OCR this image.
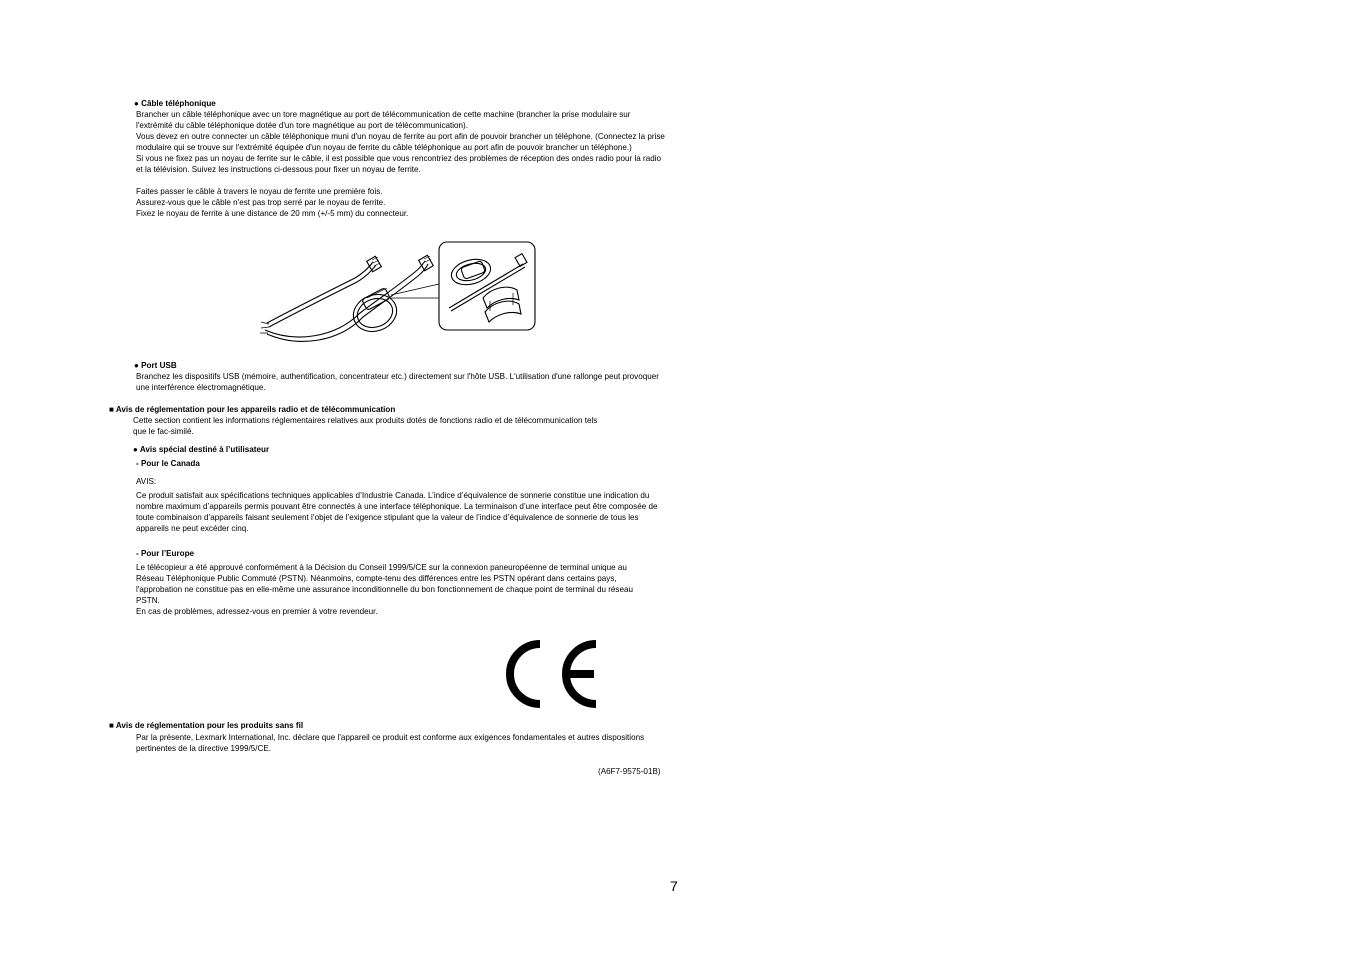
● Câble téléphonique

Brancher un câble téléphonique avec un tore magnétique au port de télécommunication de cette machine (brancher la prise modulaire sur l'extrémité du câble téléphonique dotée d'un tore magnétique au port de télécommunication).

Vous devez en outre connecter un câble téléphonique muni d'un noyau de ferrite au port afin de pouvoir brancher un téléphone. (Connectez la prise modulaire qui se trouve sur l'extrémité équipée d'un noyau de ferrite du câble téléphonique au port afin de pouvoir brancher un téléphone.)

Si vous ne fixez pas un noyau de ferrite sur le câble, il est possible que vous rencontriez des problèmes de réception des ondes radio pour la radio et la télévision. Suivez les instructions ci-dessous pour fixer un noyau de ferrite.

Faites passer le câble à travers le noyau de ferrite une première fois.

Assurez-vous que le câble n'est pas trop serré par le noyau de ferrite.

Fixez le noyau de ferrite à une distance de 20 mm (+/-5 mm) du connecteur.

● Port USB
Branchez les dispositifs USB (mémoire, authentification, concentrateur etc.) directement sur l'hôte USB. L'utilisation d'une rallonge peut provoquer une interférence électromagnétique.
■ Avis de réglementation pour les appareils radio et de télécommunication
Cette section contient les informations réglementaires relatives aux produits dotés de fonctions radio et de télécommunication tels que le fac-similé.
● Avis spécial destiné à l’utilisateur
- Pour le Canada
AVIS:
Ce produit satisfait aux spécifications techniques applicables d’Industrie Canada. L’indice d’équivalence de sonnerie constitue une indication du nombre maximum d’appareils permis pouvant être connectés à une interface téléphonique. La terminaison d’une interface peut être composée de toute combinaison d’appareils faisant seulement l’objet de l’exigence stipulant que la valeur de l’indice d’équivalence de sonnerie de tous les appareils ne peut excéder cinq.
- Pour l’Europe

Le télécopieur a été approuvé conformément à la Décision du Conseil 1999/5/CE sur la connexion paneuropéenne de terminal unique au Réseau Téléphonique Public Commuté (PSTN). Néanmoins, compte-tenu des différences entre les PSTN opérant dans certains pays, l'approbation ne constitue pas en elle-même une assurance inconditionnelle du bon fonctionnement de chaque point de terminal du réseau PSTN.

En cas de problèmes, adressez-vous en premier à votre revendeur.

■ Avis de réglementation pour les produits sans fil
Par la présente, Lexmark International, Inc. déclare que l'appareil ce produit est conforme aux exigences fondamentales et autres dispositions pertinentes de la directive 1999/5/CE.
(A6F7-9575-01B)
7
